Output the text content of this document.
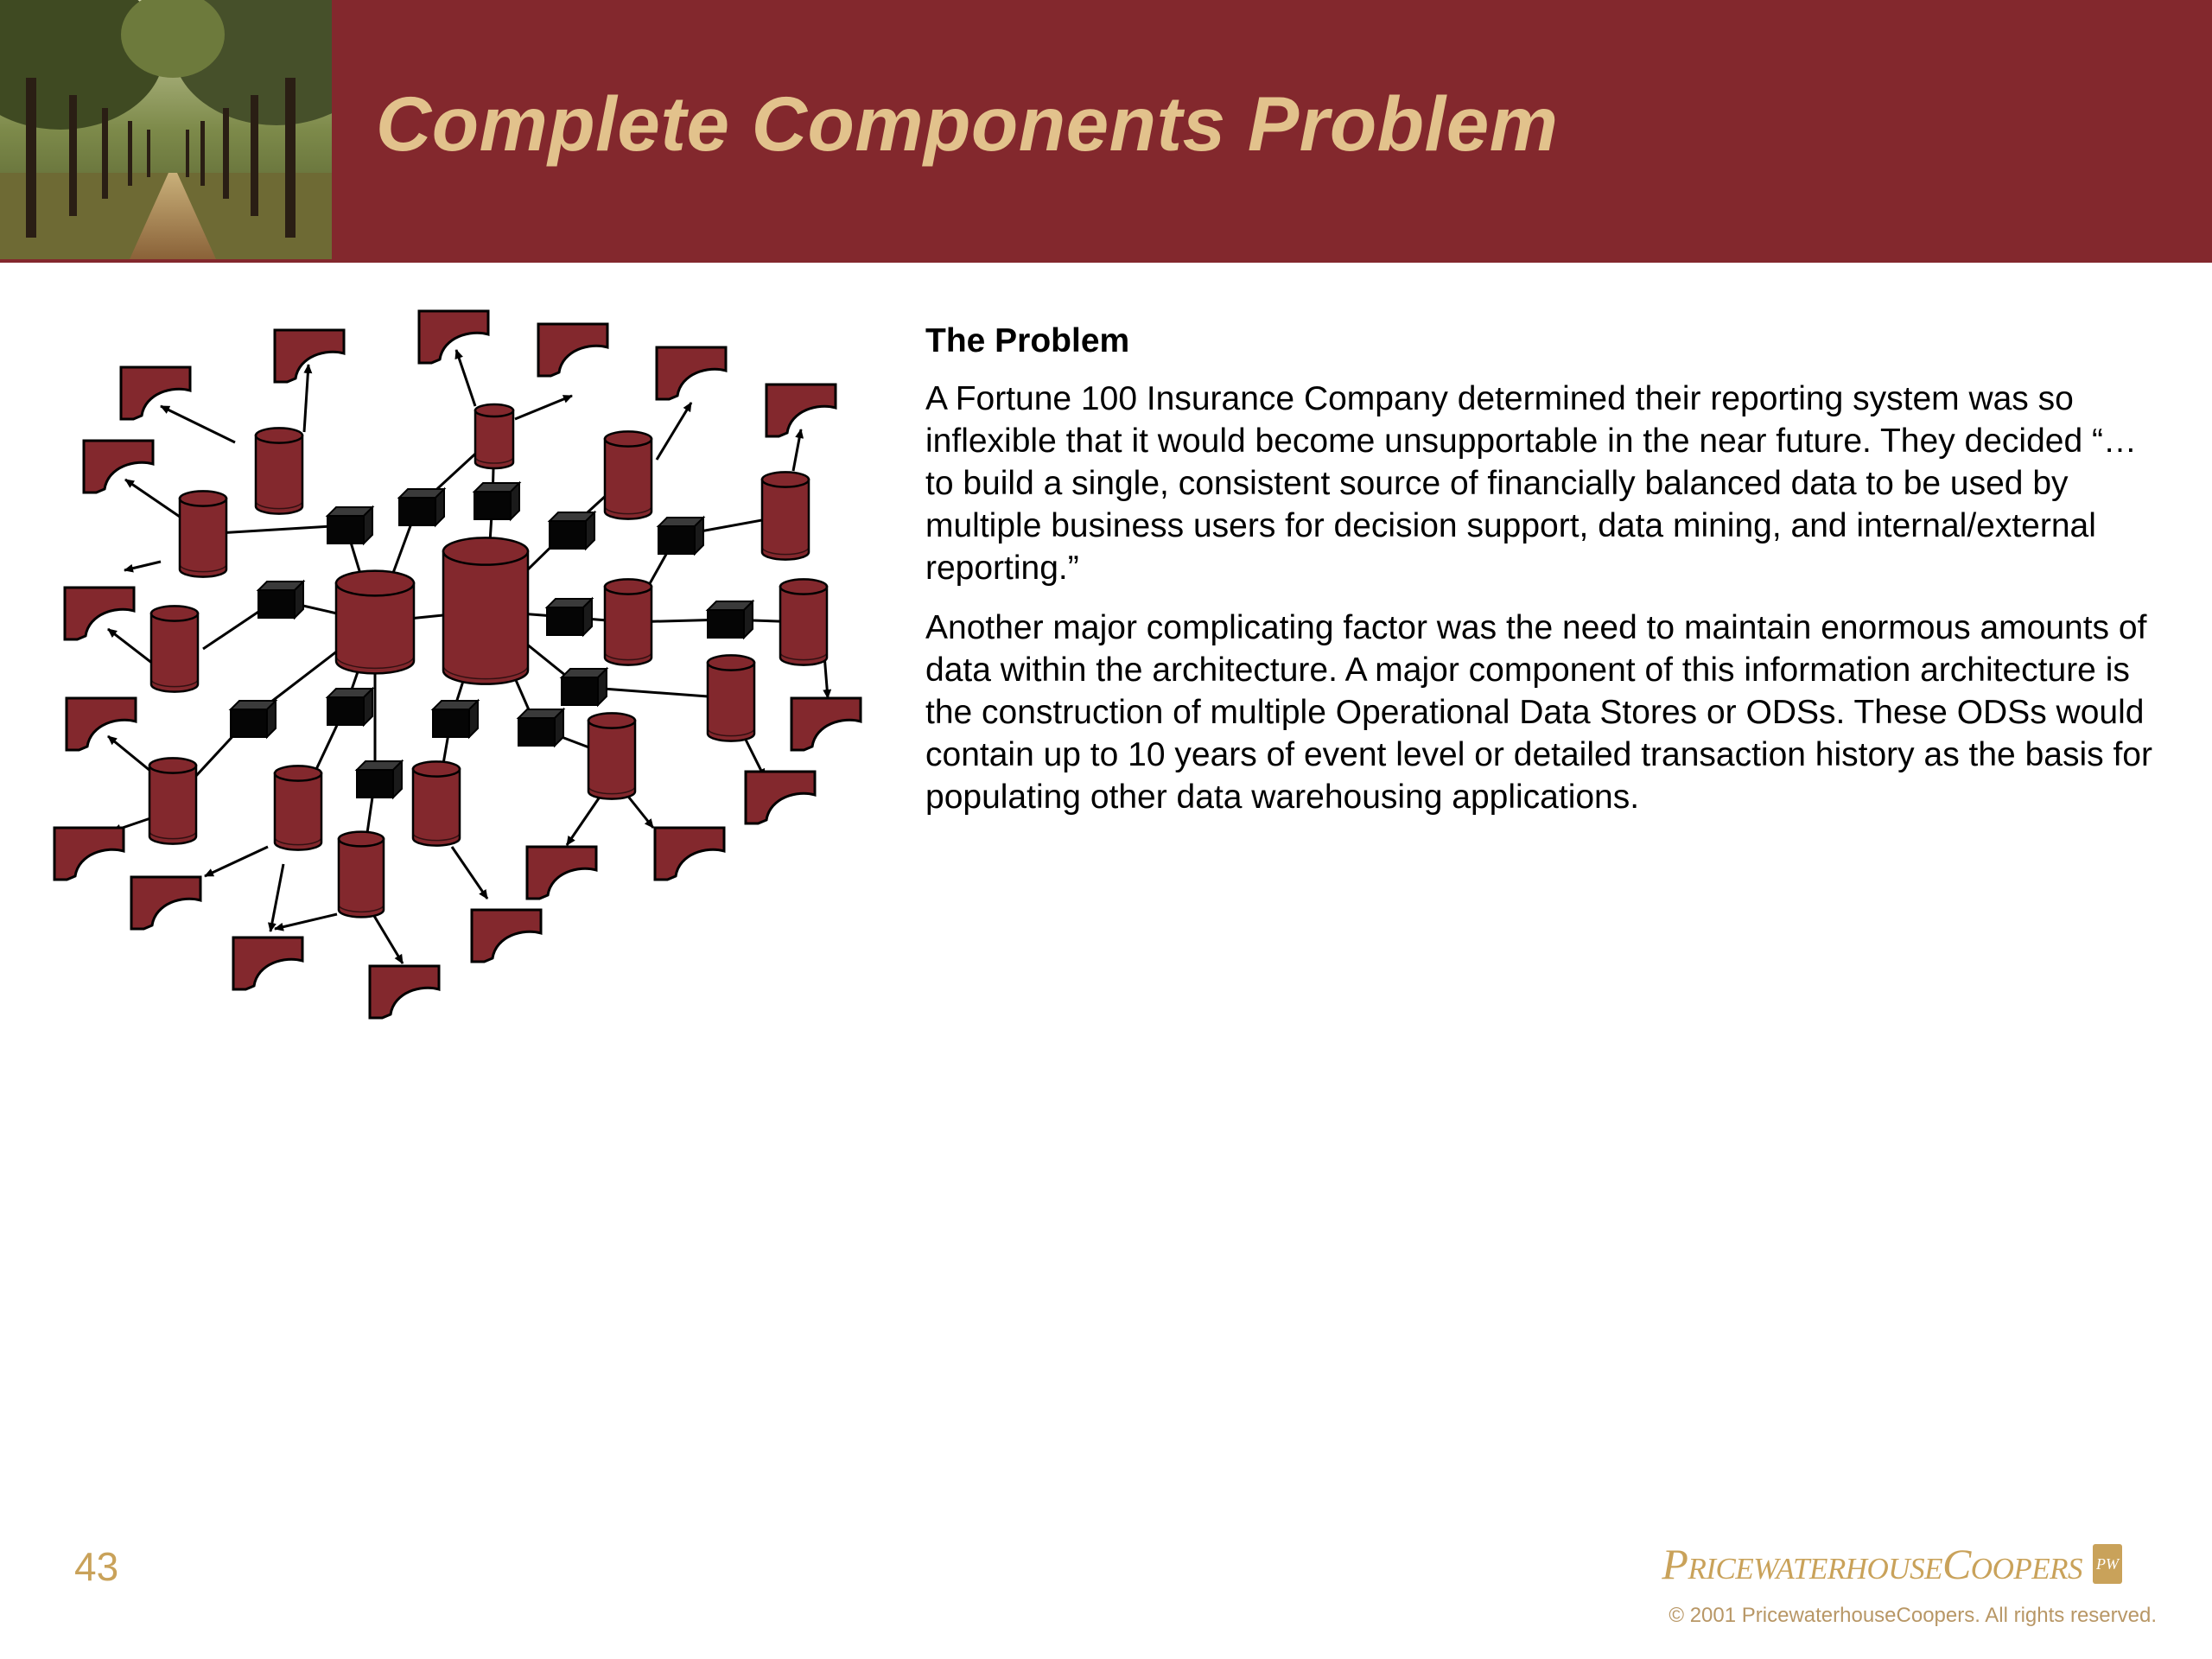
Complete Components Problem
The Problem

A Fortune 100 Insurance Company determined their reporting system was so inflexible that it would become unsupportable in the near future. They decided “…to build a single, consistent source of financially balanced data to be used by multiple business users for decision support, data mining, and internal/external reporting.”

Another major complicating factor was the need to maintain enormous amounts of data within the architecture. A major component of this information architecture is the construction of multiple Operational Data Stores or ODSs. These ODSs would contain up to 10 years of event level or detailed transaction history as the basis for populating other data warehousing applications.

43	PricewaterhouseCoopers PW
© 2001 PricewaterhouseCoopers. All rights reserved.
